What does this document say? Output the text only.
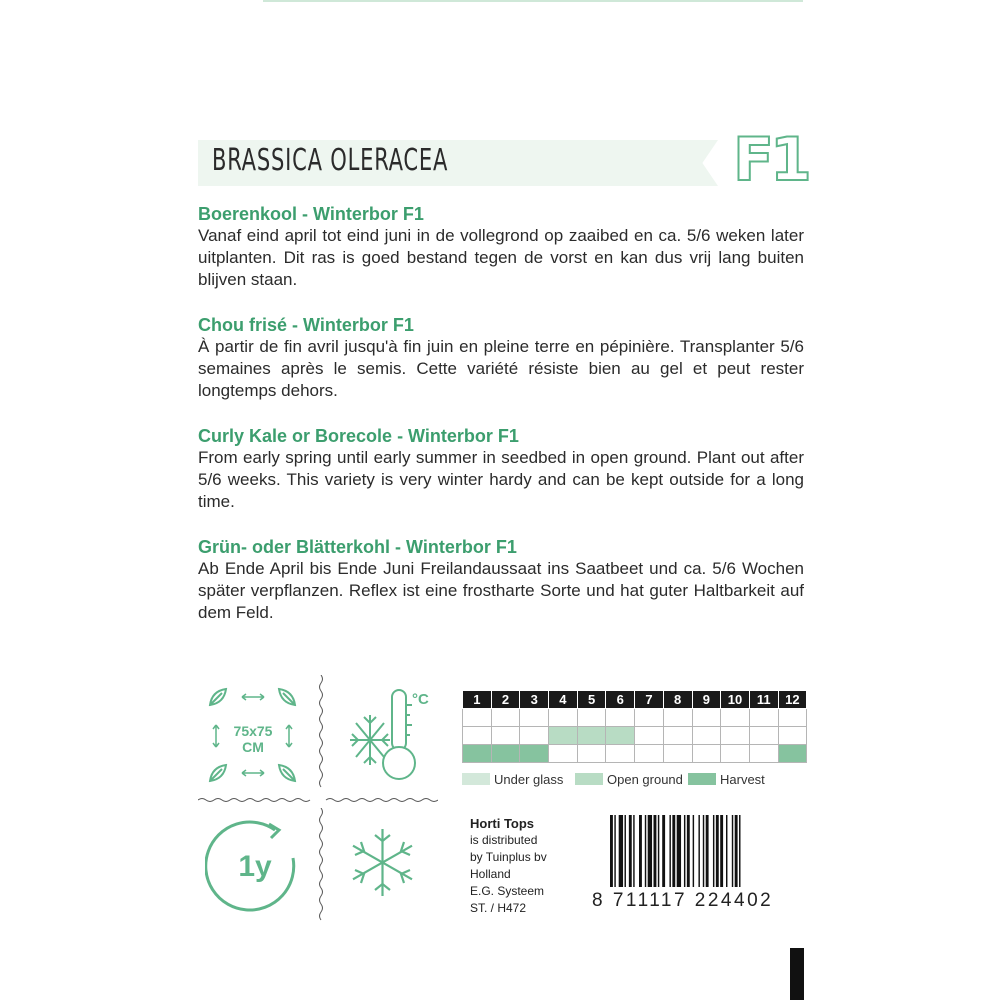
BRASSICA OLERACEA	F1
Boerenkool - Winterbor F1

Vanaf eind april tot eind juni in de vollegrond op zaaibed en ca. 5/6 weken later uitplanten. Dit ras is goed bestand tegen de vorst en kan dus vrij lang buiten blijven staan.

Chou frisé - Winterbor F1

À partir de fin avril jusqu'à fin juin en pleine terre en pépinière. Transplanter 5/6 semaines après le semis. Cette variété résiste bien au gel et peut rester longtemps dehors.

Curly Kale or Borecole - Winterbor F1

From early spring until early summer in seedbed in open ground. Plant out after 5/6 weeks. This variety is very winter hardy and can be kept outside for a long time.

Grün- oder Blätterkohl - Winterbor F1

Ab Ende April bis Ende Juni Freilandaussaat ins Saatbeet und ca. 5/6 Wochen später verpflanzen. Reflex ist eine frostharte Sorte und hat guter Haltbarkeit auf dem Feld.

75x75
CM
°C
1y
1	2	3	4	5	6	7	8	9	10	11	12

Under glass	Open ground	Harvest
Horti Tops
is distributed
by Tuinplus bv
Holland
E.G. Systeem
ST. / H472	8 711117 224402
